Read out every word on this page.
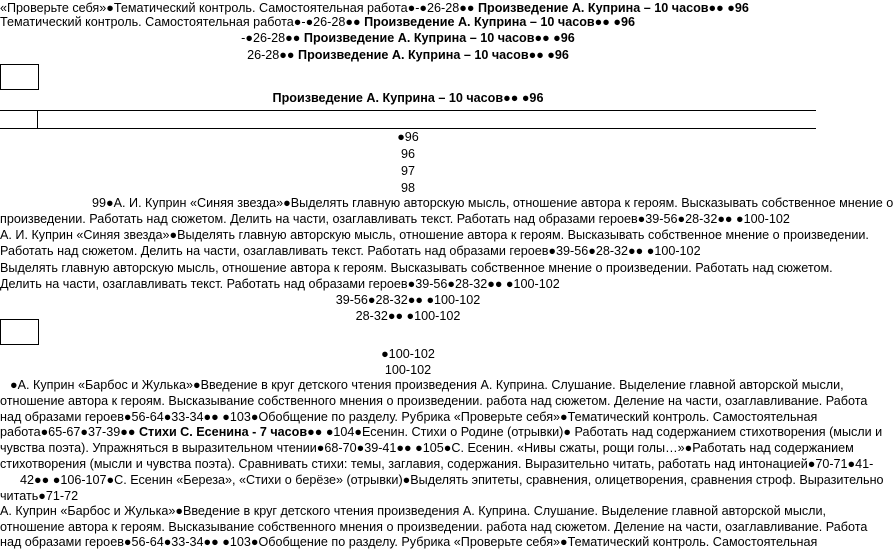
«Проверьте себя»●Тематический контроль. Самостоятельная работа●-●26-28●● Произведение А. Куприна – 10 часов●● ●96
Тематический контроль. Самостоятельная работа●-●26-28●● Произведение А. Куприна – 10 часов●● ●96
-●26-28●● Произведение А. Куприна – 10 часов●● ●96
26-28●● Произведение А. Куприна – 10 часов●● ●96
Произведение А. Куприна – 10 часов●● ●96
●96
96
97
98
99●А. И. Куприн «Синяя звезда»●Выделять главную авторскую мысль, отношение автора к героям. Высказывать собственное мнение о
произведении. Работать над сюжетом. Делить на части, озаглавливать текст. Работать над образами героев●39-56●28-32●● ●100-102
А. И. Куприн «Синяя звезда»●Выделять главную авторскую мысль, отношение автора к героям. Высказывать собственное мнение о произведении.
Работать над сюжетом. Делить на части, озаглавливать текст. Работать над образами героев●39-56●28-32●● ●100-102
Выделять главную авторскую мысль, отношение автора к героям. Высказывать собственное мнение о произведении. Работать над сюжетом.
Делить на части, озаглавливать текст. Работать над образами героев●39-56●28-32●● ●100-102
39-56●28-32●● ●100-102
28-32●● ●100-102
●100-102
100-102
●А. Куприн «Барбос и Жулька»●Введение в круг детского чтения произведения А. Куприна. Слушание. Выделение главной авторской мысли,
отношение автора к героям. Высказывание собственного мнения о произведении. работа над сюжетом. Деление на части, озаглавливание. Работа
над образами героев●56-64●33-34●● ●103●Обобщение по разделу. Рубрика «Проверьте себя»●Тематический контроль. Самостоятельная
работа●65-67●37-39●● Стихи С. Есенина - 7 часов●● ●104●Есенин. Стихи о Родине (отрывки)● Работать над содержанием стихотворения (мысли и
чувства поэта). Упражняться в выразительном чтении●68-70●39-41●● ●105●С. Есенин. «Нивы сжаты, рощи голы…»●Работать над содержанием
стихотворения (мысли и чувства поэта). Сравнивать стихи: темы, заглавия, содержания. Выразительно читать, работать над интонацией●70-71●41-
42●● ●106-107●С. Есенин «Береза», «Стихи о берёзе» (отрывки)●Выделять эпитеты, сравнения, олицетворения, сравнения строф. Выразительно
читать●71-72
А. Куприн «Барбос и Жулька»●Введение в круг детского чтения произведения А. Куприна. Слушание. Выделение главной авторской мысли,
отношение автора к героям. Высказывание собственного мнения о произведении. работа над сюжетом. Деление на части, озаглавливание. Работа
над образами героев●56-64●33-34●● ●103●Обобщение по разделу. Рубрика «Проверьте себя»●Тематический контроль. Самостоятельная
